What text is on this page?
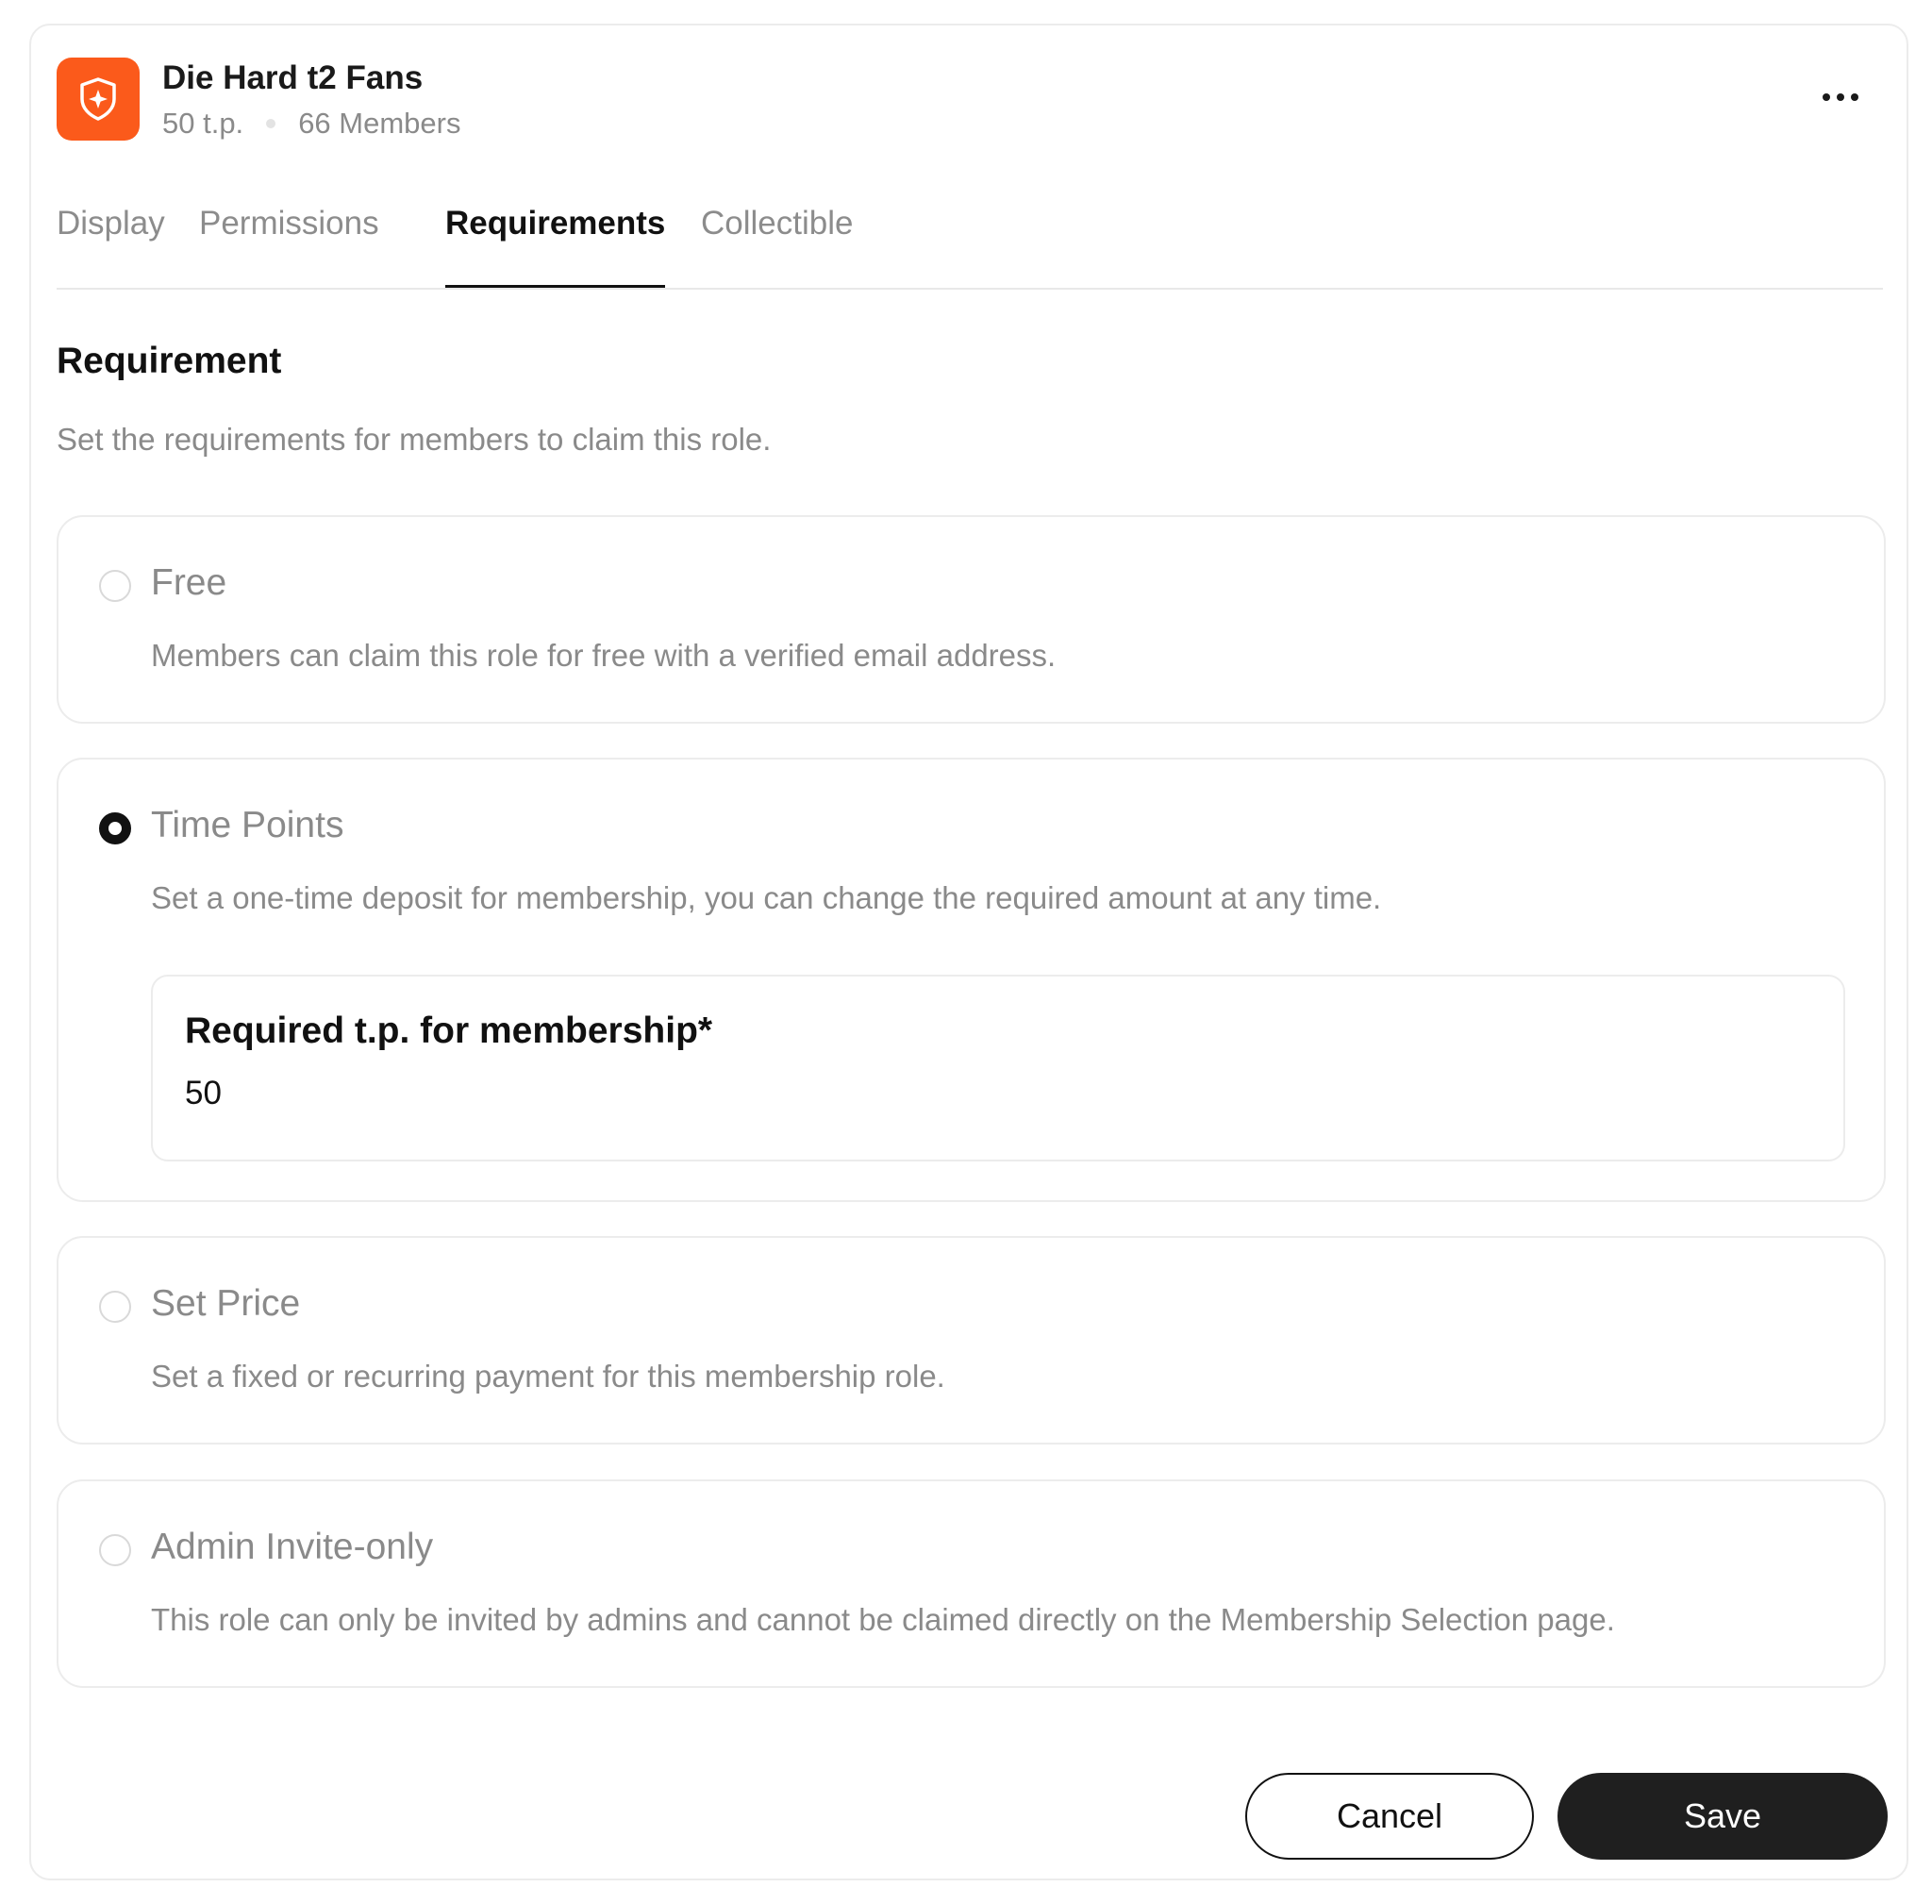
Die Hard t2 Fans
50 t.p. 66 Members
Display Permissions Requirements Collectible
Requirement
Set the requirements for members to claim this role.
Free
Members can claim this role for free with a verified email address.
Time Points
Set a one-time deposit for membership, you can change the required amount at any time.
Required t.p. for membership*
50
Set Price
Set a fixed or recurring payment for this membership role.
Admin Invite-only
This role can only be invited by admins and cannot be claimed directly on the Membership Selection page.
Cancel	Save
